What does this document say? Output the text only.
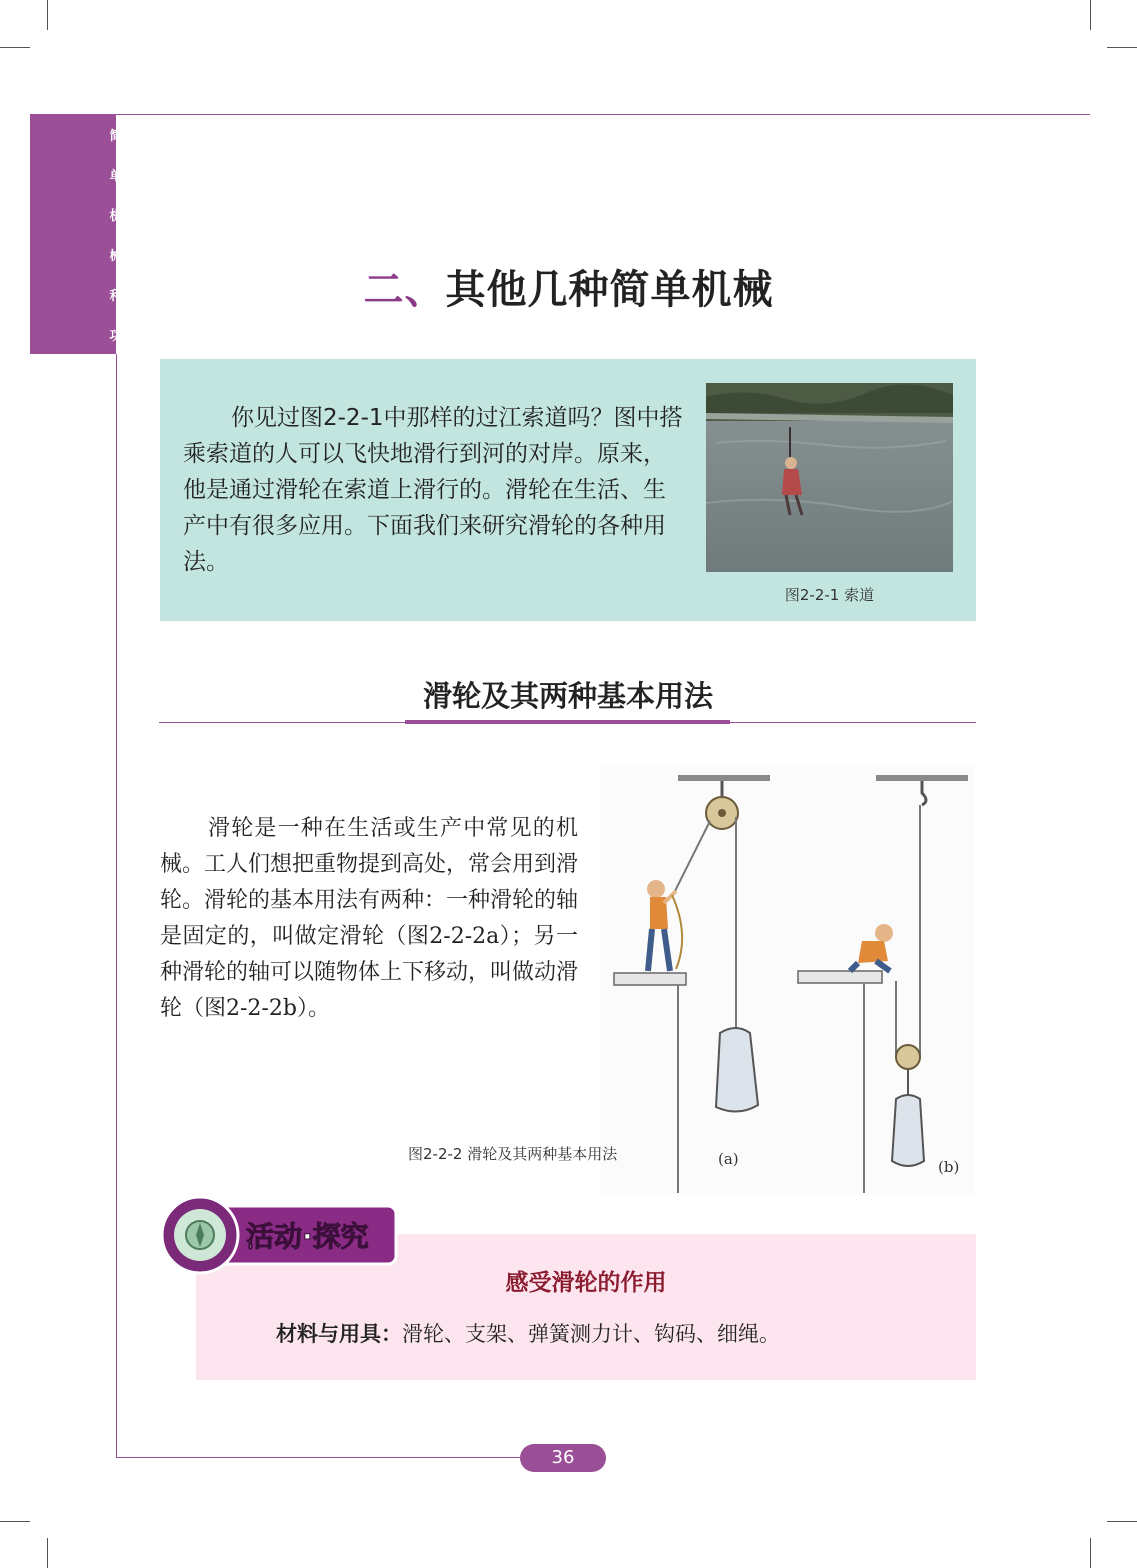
简
单
机
械
和
功
二、其他几种简单机械
你见过图2-2-1中那样的过江索道吗？图中搭乘索道的人可以飞快地滑行到河的对岸。原来，他是通过滑轮在索道上滑行的。滑轮在生活、生产中有很多应用。下面我们来研究滑轮的各种用法。
图2-2-1 索道
滑轮及其两种基本用法
滑轮是一种在生活或生产中常见的机械。工人们想把重物提到高处，常会用到滑轮。滑轮的基本用法有两种：一种滑轮的轴是固定的，叫做定滑轮（图2-2-2a）；另一种滑轮的轴可以随物体上下移动，叫做动滑轮（图2-2-2b）。
图2-2-2 滑轮及其两种基本用法	(a)	(b)
活动·探究
感受滑轮的作用
材料与用具：滑轮、支架、弹簧测力计、钩码、细绳。
36
